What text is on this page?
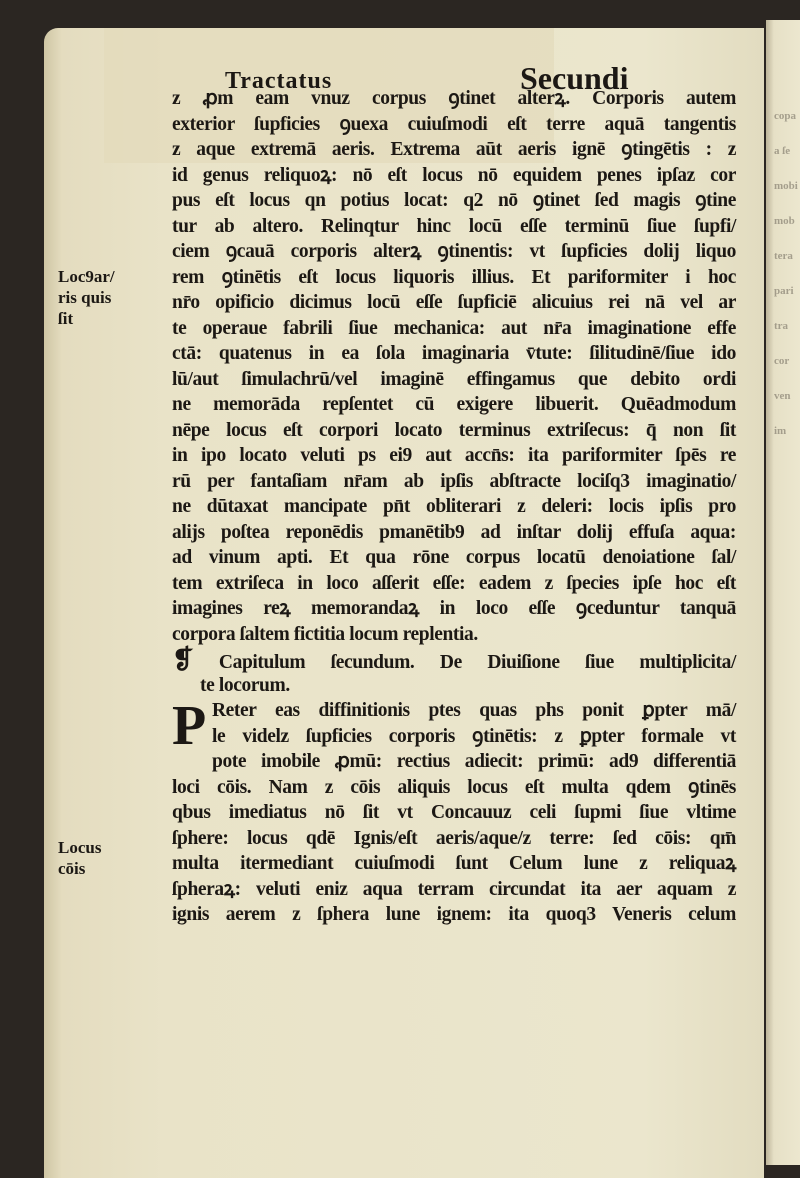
copa
a ſe
mobi
mob
tera
pari
tra
cor
ven
im
Tractatus	Secundi
Loc9ar/
ris quis
ſit
Locus
cōis
z ꝓm eam vnuz corpus ꝯtinet alterꝝ. Corporis autem
exterior ſupficies ꝯuexa cuiuſmodi eſt terre aquā tangentis
z aque extremā aeris. Extrema aūt aeris ignē ꝯtingētis : z
id genus reliquoꝝ: nō eſt locus nō equidem penes ipſaz cor
pus eſt locus qn potius locat: q2 nō ꝯtinet ſed magis ꝯtine
tur ab altero. Relinqtur hinc locū eſſe terminū ſiue ſupfi/
ciem ꝯcauā corporis alterꝝ ꝯtinentis: vt ſupficies dolij liquo
rem ꝯtinētis eſt locus liquoris illius. Et pariformiter i hoc
nr̄o opificio dicimus locū eſſe ſupficiē alicuius rei nā vel ar
te operaue fabrili ſiue mechanica: aut nr̄a imaginatione effe
ctā: quatenus in ea ſola imaginaria v̄tute: ſilitudinē/ſiue ido
lū/aut ſimulachrū/vel imaginē effingamus que debito ordi
ne memorāda repſentet cū exigere libuerit. Quēadmodum
nēpe locus eſt corpori locato terminus extriſecus: q̄ non ſit
in ipo locato veluti ps ei9 aut accn̄s: ita pariformiter ſpēs re
rū per fantaſiam nr̄am ab ipſis abſtracte lociſq3 imaginatio/
ne dūtaxat mancipate pn̄t obliterari z deleri: locis ipſis pro
alijs poſtea reponēdis pmanētib9 ad inſtar dolij effuſa aqua:
ad vinum apti. Et qua rōne corpus locatū denoiatione ſal/
tem extriſeca in loco aſſerit eſſe: eadem z ſpecies ipſe hoc eſt
imagines reꝝ memorandaꝝ in loco eſſe ꝯceduntur tanquā
corpora ſaltem fictitia locum replentia.
❡ Capitulum ſecundum. De Diuiſione ſiue multiplicita/
te locorum.
P Reter eas diffinitionis ptes quas phs ponit ꝑpter mā/
le videlz ſupficies corporis ꝯtinētis: z ꝑpter formale vt
pote imobile ꝓmū: rectius adiecit: primū: ad9 differentiā
loci cōis. Nam z cōis aliquis locus eſt multa qdem ꝯtinēs
qbus imediatus nō ſit vt Concauuz celi ſupmi ſiue vltime
ſphere: locus qdē Ignis/eſt aeris/aque/z terre: ſed cōis: qm̄
multa itermediant cuiuſmodi ſunt Celum lune z reliquaꝝ
ſpheraꝝ: veluti eniz aqua terram circundat ita aer aquam z
ignis aerem z ſphera lune ignem: ita quoq3 Veneris celum
